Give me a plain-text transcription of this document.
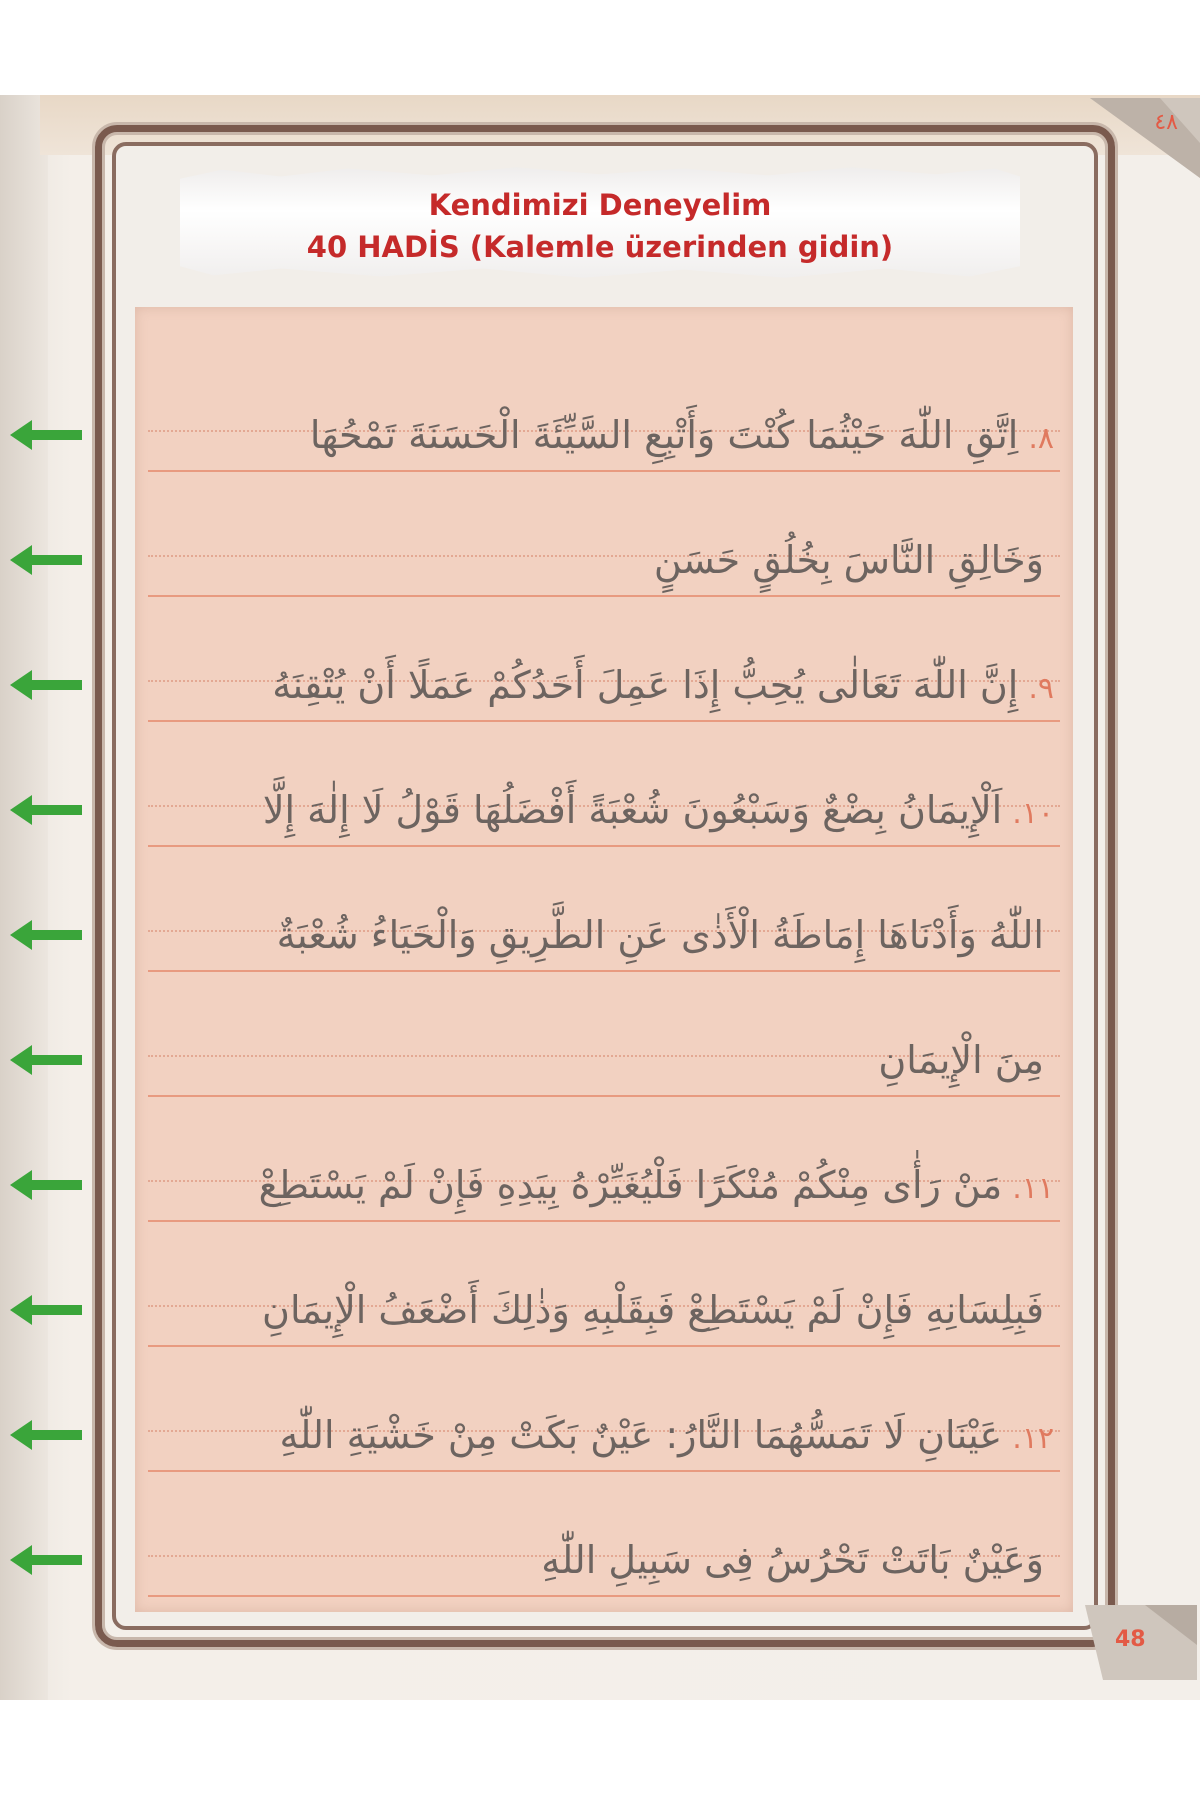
٤٨
Kendimizi Deneyelim
40 HADİS (Kalemle üzerinden gidin)
٨.اِتَّقِ اللّٰهَ حَيْثُمَا كُنْتَ وَأَتْبِعِ السَّيِّئَةَ الْحَسَنَةَ تَمْحُهَا
وَخَالِقِ النَّاسَ بِخُلُقٍ حَسَنٍ
٩.إِنَّ اللّٰهَ تَعَالٰى يُحِبُّ إِذَا عَمِلَ أَحَدُكُمْ عَمَلًا أَنْ يُتْقِنَهُ
١٠.اَلْإِيمَانُ بِضْعٌ وَسَبْعُونَ شُعْبَةً أَفْضَلُهَا قَوْلُ لَا إِلٰهَ إِلَّا
اللّٰهُ وَأَدْنَاهَا إِمَاطَةُ الْأَذٰى عَنِ الطَّرِيقِ وَالْحَيَاءُ شُعْبَةٌ
مِنَ الْإِيمَانِ
١١.مَنْ رَأٰى مِنْكُمْ مُنْكَرًا فَلْيُغَيِّرْهُ بِيَدِهِ فَإِنْ لَمْ يَسْتَطِعْ
فَبِلِسَانِهِ فَإِنْ لَمْ يَسْتَطِعْ فَبِقَلْبِهِ وَذٰلِكَ أَضْعَفُ الْإِيمَانِ
١٢.عَيْنَانِ لَا تَمَسُّهُمَا النَّارُ: عَيْنٌ بَكَتْ مِنْ خَشْيَةِ اللّٰهِ
وَعَيْنٌ بَاتَتْ تَحْرُسُ فِى سَبِيلِ اللّٰهِ
48
